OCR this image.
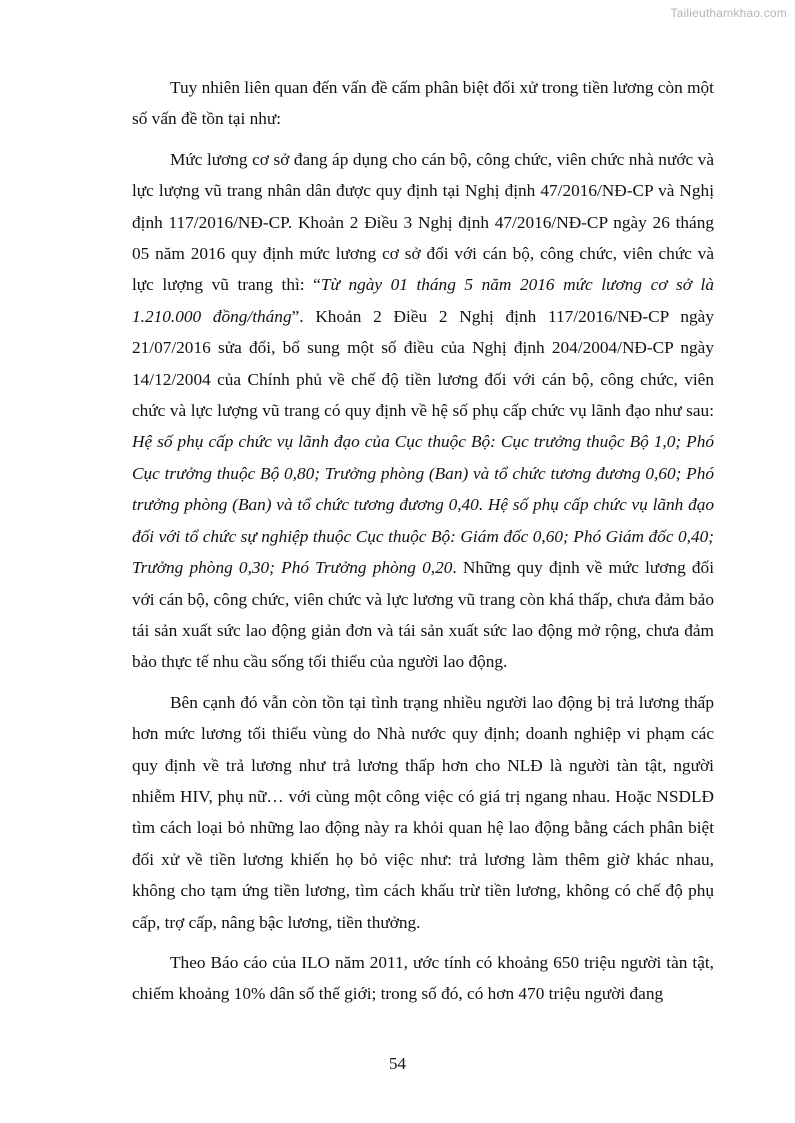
Tailieuthamkhao.com

Tuy nhiên liên quan đến vấn đề cấm phân biệt đối xử trong tiền lương còn một số vấn đề tồn tại như:

Mức lương cơ sở đang áp dụng cho cán bộ, công chức, viên chức nhà nước và lực lượng vũ trang nhân dân được quy định tại Nghị định 47/2016/NĐ-CP và Nghị định 117/2016/NĐ-CP. Khoản 2 Điều 3 Nghị định 47/2016/NĐ-CP ngày 26 tháng 05 năm 2016 quy định mức lương cơ sở đối với cán bộ, công chức, viên chức và lực lượng vũ trang thì: “Từ ngày 01 tháng 5 năm 2016 mức lương cơ sở là 1.210.000 đồng/tháng”. Khoản 2 Điều 2 Nghị định 117/2016/NĐ-CP ngày 21/07/2016 sửa đổi, bổ sung một số điều của Nghị định 204/2004/NĐ-CP ngày 14/12/2004 của Chính phủ về chế độ tiền lương đối với cán bộ, công chức, viên chức và lực lượng vũ trang có quy định về hệ số phụ cấp chức vụ lãnh đạo như sau: Hệ số phụ cấp chức vụ lãnh đạo của Cục thuộc Bộ: Cục trưởng thuộc Bộ 1,0; Phó Cục trưởng thuộc Bộ 0,80; Trưởng phòng (Ban) và tổ chức tương đương 0,60; Phó trưởng phòng (Ban) và tổ chức tương đương 0,40. Hệ số phụ cấp chức vụ lãnh đạo đối với tổ chức sự nghiệp thuộc Cục thuộc Bộ: Giám đốc 0,60; Phó Giám đốc 0,40; Trưởng phòng 0,30; Phó Trưởng phòng 0,20. Những quy định về mức lương đối với cán bộ, công chức, viên chức và lực lương vũ trang còn khá thấp, chưa đảm bảo tái sản xuất sức lao động giản đơn và tái sản xuất sức lao động mở rộng, chưa đảm bảo thực tế nhu cầu sống tối thiểu của người lao động.

Bên cạnh đó vẫn còn tồn tại tình trạng nhiều người lao động bị trả lương thấp hơn mức lương tối thiểu vùng do Nhà nước quy định; doanh nghiệp vi phạm các quy định về trả lương như trả lương thấp hơn cho NLĐ là người tàn tật, người nhiễm HIV, phụ nữ… với cùng một công việc có giá trị ngang nhau. Hoặc NSDLĐ tìm cách loại bỏ những lao động này ra khỏi quan hệ lao động bằng cách phân biệt đối xử về tiền lương khiến họ bỏ việc như: trả lương làm thêm giờ khác nhau, không cho tạm ứng tiền lương, tìm cách khấu trừ tiền lương, không có chế độ phụ cấp, trợ cấp, nâng bậc lương, tiền thưởng.

Theo Báo cáo của ILO năm 2011, ước tính có khoảng 650 triệu người tàn tật, chiếm khoảng 10% dân số thế giới; trong số đó, có hơn 470 triệu người đang

54
